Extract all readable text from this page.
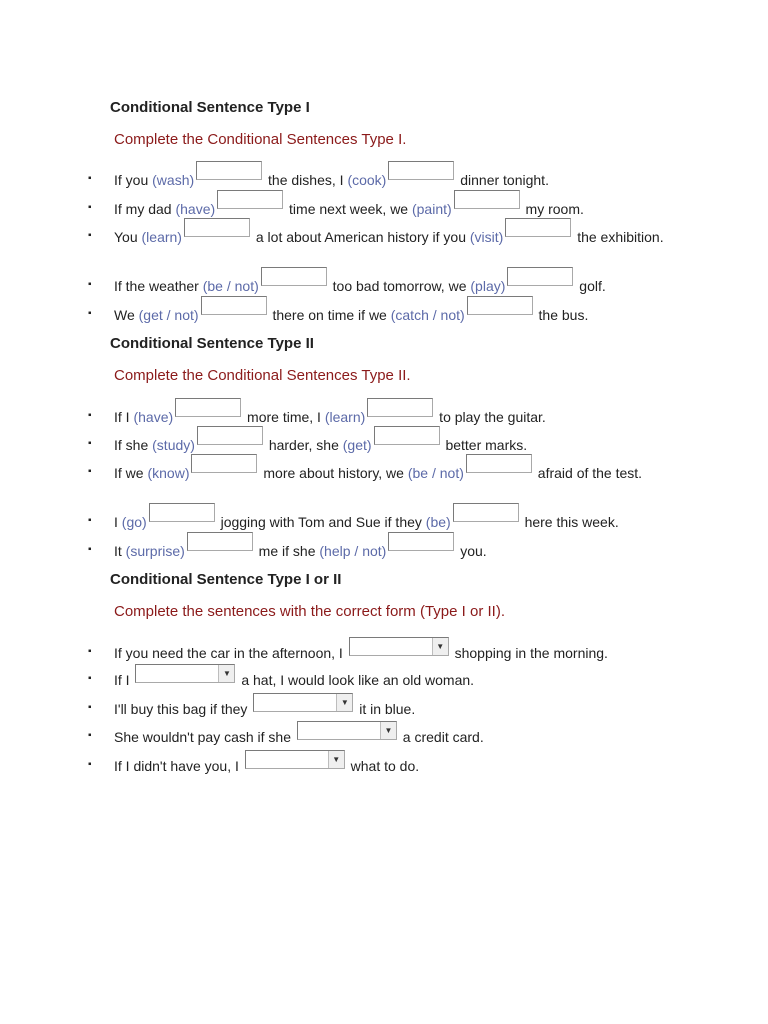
Conditional Sentence Type I

Complete the Conditional Sentences Type I.

▪	If you (wash)	the dishes, I (cook)	dinner tonight.
▪	If my dad (have)	time next week, we (paint)	my room.
▪	You (learn)	a lot about American history if you (visit)	the exhibition.
▪	If the weather (be / not)	too bad tomorrow, we (play)	golf.
▪	We (get / not)	there on time if we (catch / not)	the bus.
Conditional Sentence Type II

Complete the Conditional Sentences Type II.

▪	If I (have)	more time, I (learn)	to play the guitar.
▪	If she (study)	harder, she (get)	better marks.
▪	If we (know)	more about history, we (be / not)	afraid of the test.
▪	I (go)	jogging with Tom and Sue if they (be)	here this week.
▪	It (surprise)	me if she (help / not)	you.
Conditional Sentence Type I or II

Complete the sentences with the correct form (Type I or II).

▪	If you need the car in the afternoon, I	▼ shopping in the morning.
▪	If I	▼ a hat, I would look like an old woman.
▪	I'll buy this bag if they	▼ it in blue.
▪	She wouldn't pay cash if she	▼ a credit card.
▪	If I didn't have you, I	▼ what to do.
